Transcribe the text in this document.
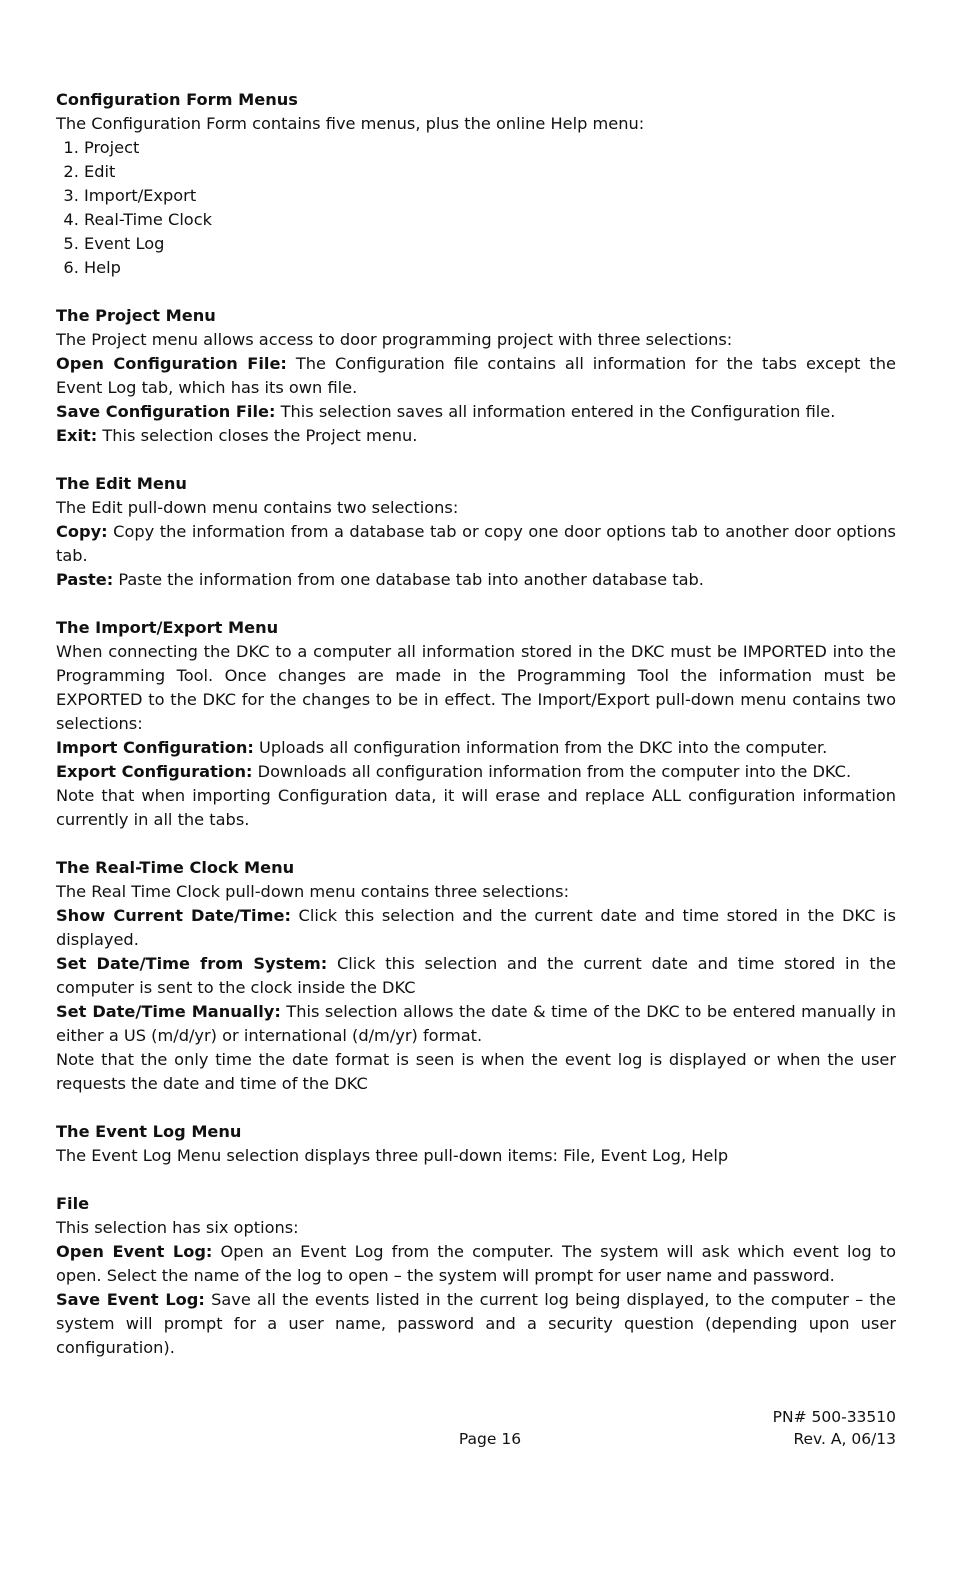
Configuration Form Menus

The Configuration Form contains five menus, plus the online Help menu:

1. Project
2. Edit
3. Import/Export
4. Real-Time Clock
5. Event Log
6. Help
The Project Menu

The Project menu allows access to door programming project with three selections:

Open Configuration File: The Configuration file contains all information for the tabs except the Event Log tab, which has its own file.

Save Configuration File: This selection saves all information entered in the Configuration file.

Exit: This selection closes the Project menu.

The Edit Menu

The Edit pull-down menu contains two selections:

Copy: Copy the information from a database tab or copy one door options tab to another door options tab.

Paste: Paste the information from one database tab into another database tab.

The Import/Export Menu

When connecting the DKC to a computer all information stored in the DKC must be IMPORTED into the Programming Tool. Once changes are made in the Programming Tool the information must be EXPORTED to the DKC for the changes to be in effect. The Import/Export pull-down menu contains two selections:

Import Configuration: Uploads all configuration information from the DKC into the computer.

Export Configuration: Downloads all configuration information from the computer into the DKC.

Note that when importing Configuration data, it will erase and replace ALL configuration information currently in all the tabs.

The Real-Time Clock Menu

The Real Time Clock pull-down menu contains three selections:

Show Current Date/Time: Click this selection and the current date and time stored in the DKC is displayed.

Set Date/Time from System: Click this selection and the current date and time stored in the computer is sent to the clock inside the DKC

Set Date/Time Manually: This selection allows the date & time of the DKC to be entered manually in either a US (m/d/yr) or international (d/m/yr) format.

Note that the only time the date format is seen is when the event log is displayed or when the user requests the date and time of the DKC

The Event Log Menu

The Event Log Menu selection displays three pull-down items: File, Event Log, Help

File

This selection has six options:

Open Event Log: Open an Event Log from the computer. The system will ask which event log to open. Select the name of the log to open – the system will prompt for user name and password.

Save Event Log: Save all the events listed in the current log being displayed, to the computer – the system will prompt for a user name, password and a security question (depending upon user configuration).

PN# 500-33510
Page 16	Rev. A, 06/13
